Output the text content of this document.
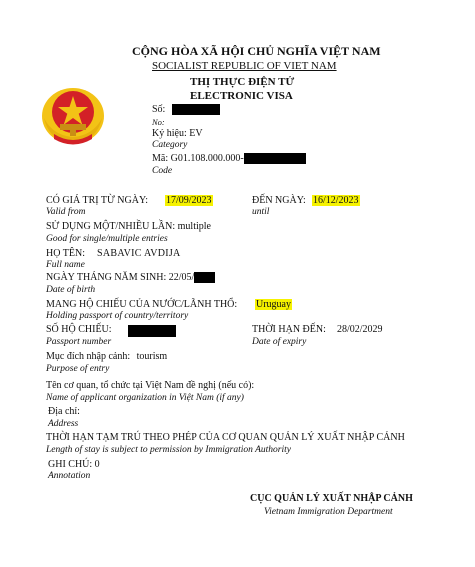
CỘNG HÒA XÃ HỘI CHỦ NGHĨA VIỆT NAM
SOCIALIST REPUBLIC OF VIET NAM
THỊ THỰC ĐIỆN TỬ
ELECTRONIC VISA
Số:
No:
Ký hiệu: EV
Category
Mã: G01.108.000.000-
Code
CÓ GIÁ TRỊ TỪ NGÀY: 17/09/2023
Valid from
ĐẾN NGÀY: 16/12/2023
until
SỬ DỤNG MỘT/NHIỀU LẦN: multiple
Good for single/multiple entries
HỌ TÊN: SABAVIC AVDIJA
Full name
NGÀY THÁNG NĂM SINH: 22/05/
Date of birth
MANG HỘ CHIẾU CỦA NƯỚC/LÃNH THỔ: Uruguay
Holding passport of country/territory
SỐ HỘ CHIẾU:
Passport number
THỜI HẠN ĐẾN: 28/02/2029
Date of expiry
Mục đích nhập cảnh: tourism
Purpose of entry
Tên cơ quan, tổ chức tại Việt Nam đề nghị (nếu có):
Name of applicant organization in Việt Nam (if any)
Địa chỉ:
Address
THỜI HẠN TẠM TRÚ THEO PHÉP CỦA CƠ QUAN QUẢN LÝ XUẤT NHẬP CẢNH
Length of stay is subject to permission by Immigration Authority
GHI CHÚ: 0
Annotation
CỤC QUẢN LÝ XUẤT NHẬP CẢNH
Vietnam Immigration Department
